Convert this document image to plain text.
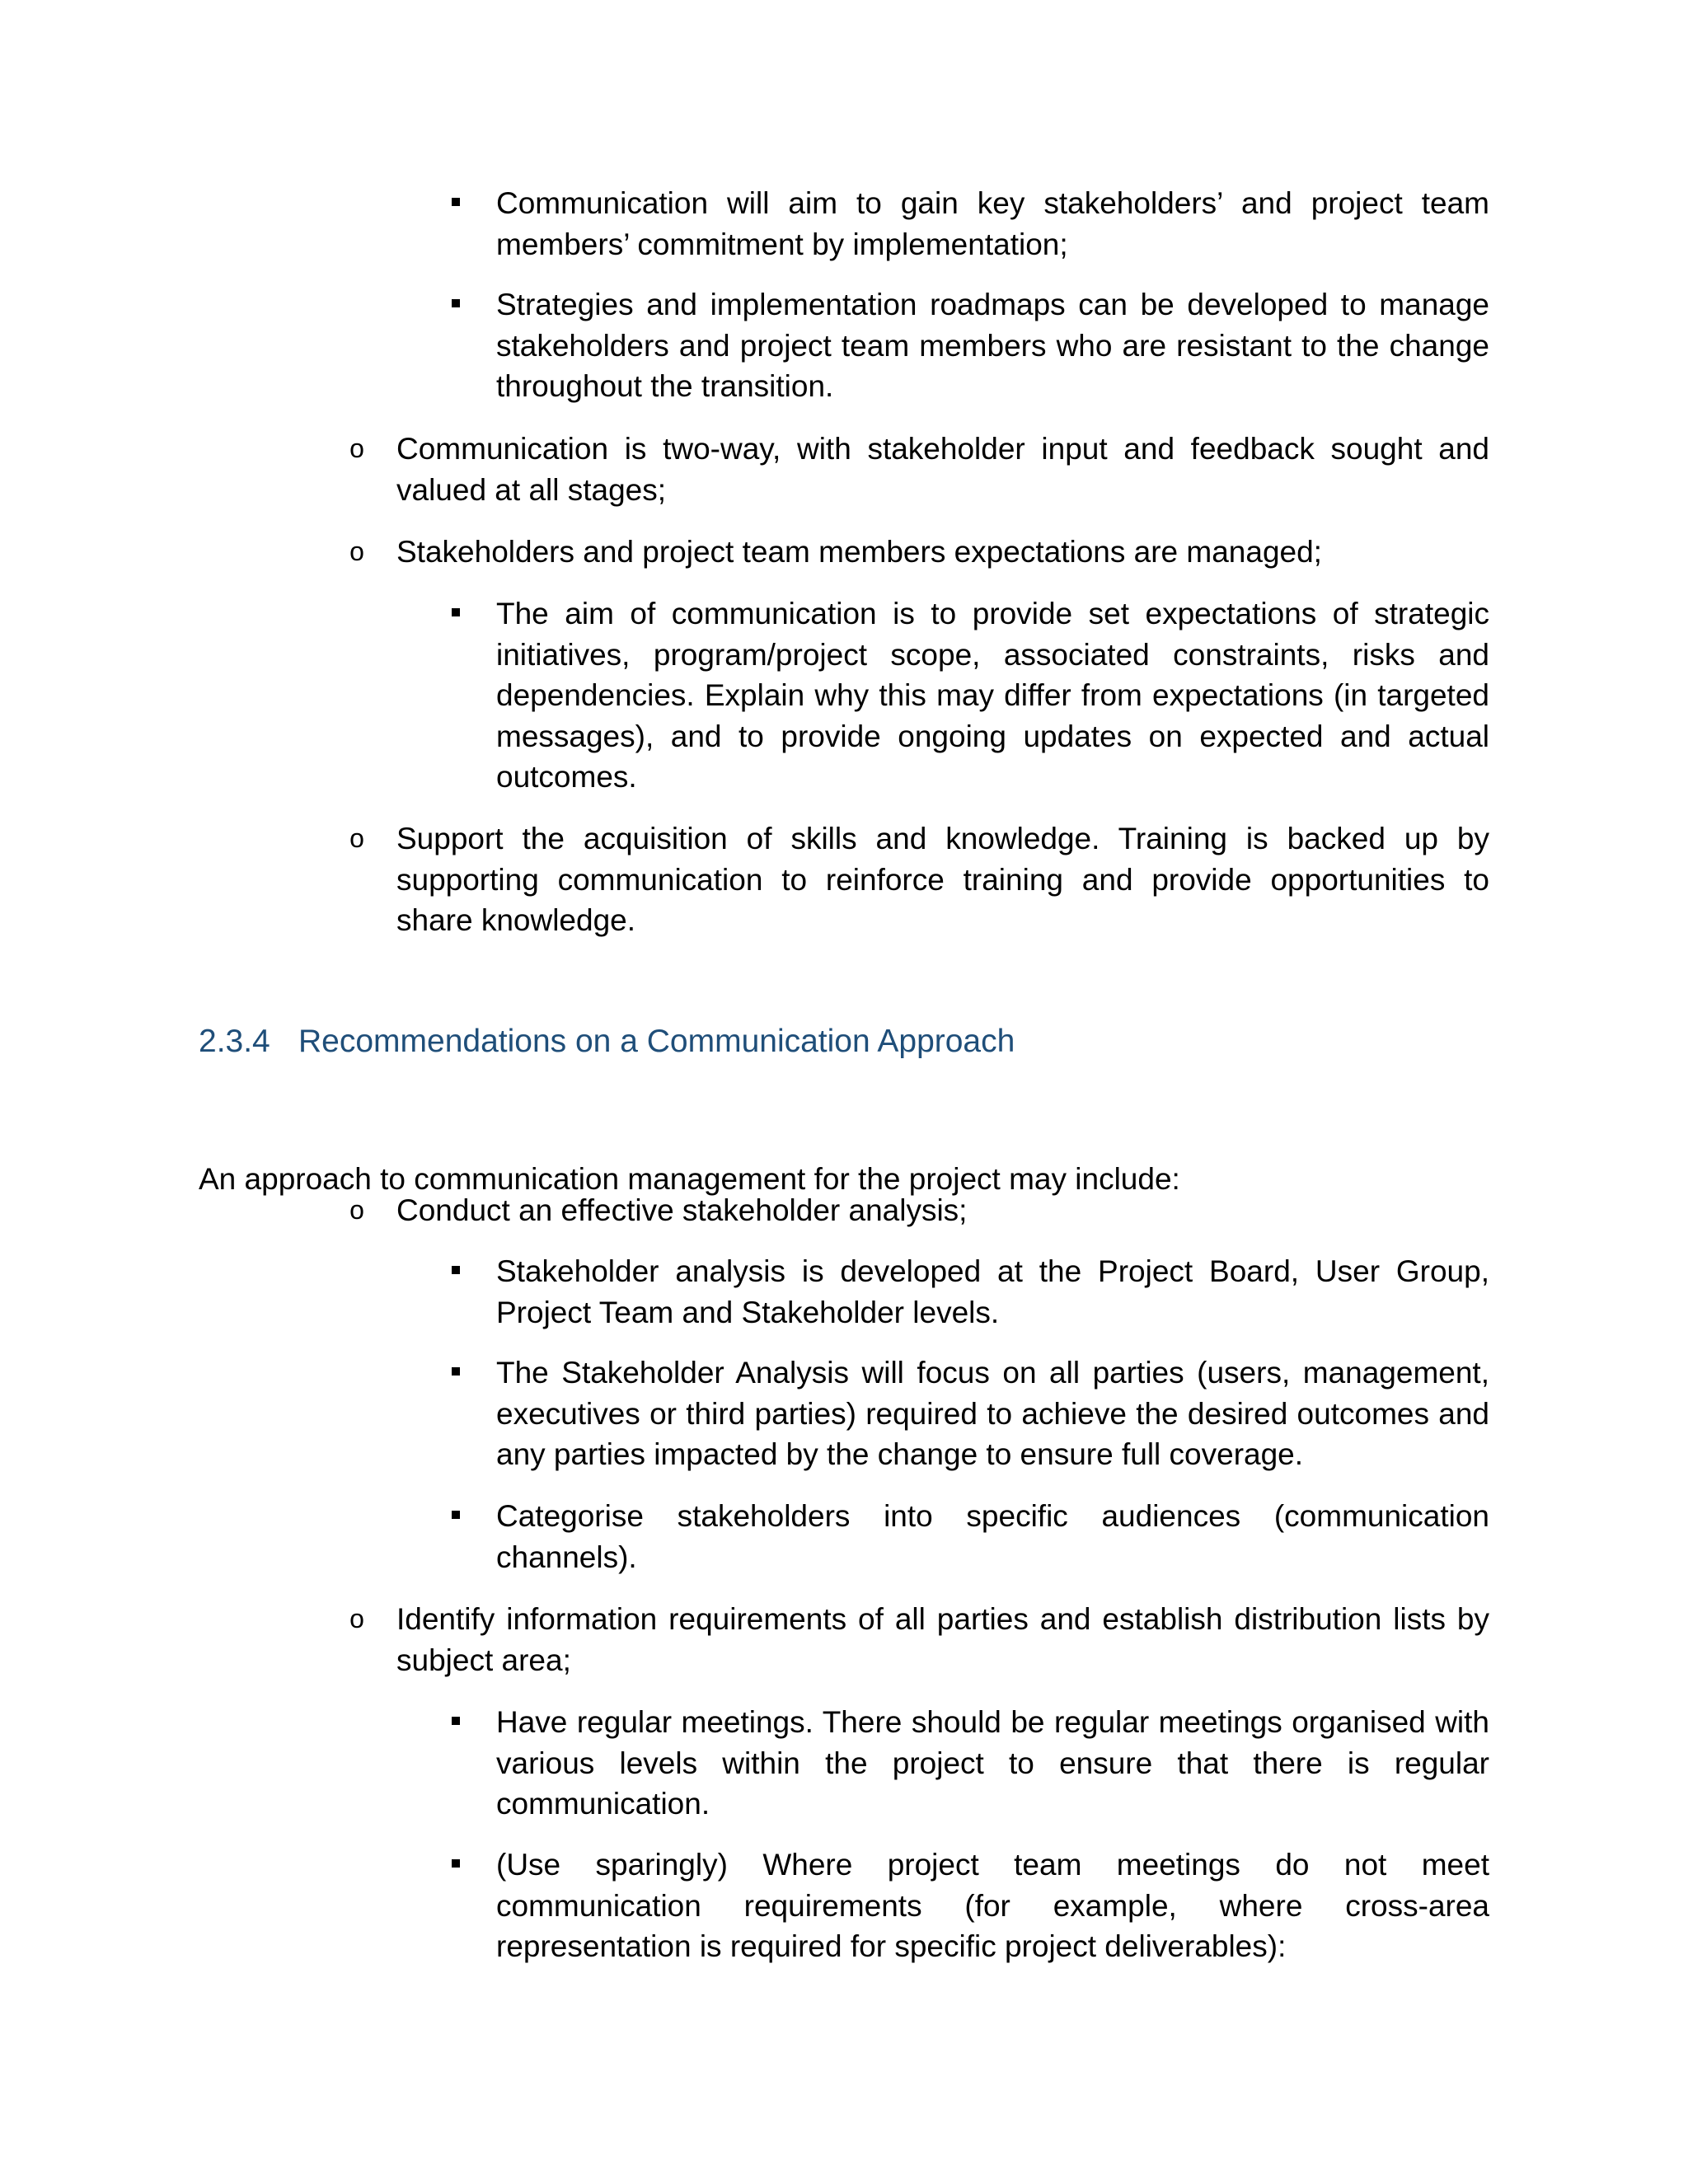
Communication will aim to gain key stakeholders’ and project team members’ commitment by implementation;

Strategies and implementation roadmaps can be developed to manage stakeholders and project team members who are resistant to the change throughout the transition.

o Communication is two-way, with stakeholder input and feedback sought and valued at all stages;

o Stakeholders and project team members expectations are managed;

The aim of communication is to provide set expectations of strategic initiatives, program/project scope, associated constraints, risks and dependencies. Explain why this may differ from expectations (in targeted messages), and to provide ongoing updates on expected and actual outcomes.

o Support the acquisition of skills and knowledge. Training is backed up by supporting communication to reinforce training and provide opportunities to share knowledge.

2.3.4 Recommendations on a Communication Approach

An approach to communication management for the project may include:

o Conduct an effective stakeholder analysis;

Stakeholder analysis is developed at the Project Board, User Group, Project Team and Stakeholder levels.

The Stakeholder Analysis will focus on all parties (users, management, executives or third parties) required to achieve the desired outcomes and any parties impacted by the change to ensure full coverage.

Categorise stakeholders into specific audiences (communication channels).

o Identify information requirements of all parties and establish distribution lists by subject area;

Have regular meetings. There should be regular meetings organised with various levels within the project to ensure that there is regular communication.

(Use sparingly) Where project team meetings do not meet communication requirements (for example, where cross-area representation is required for specific project deliverables):
